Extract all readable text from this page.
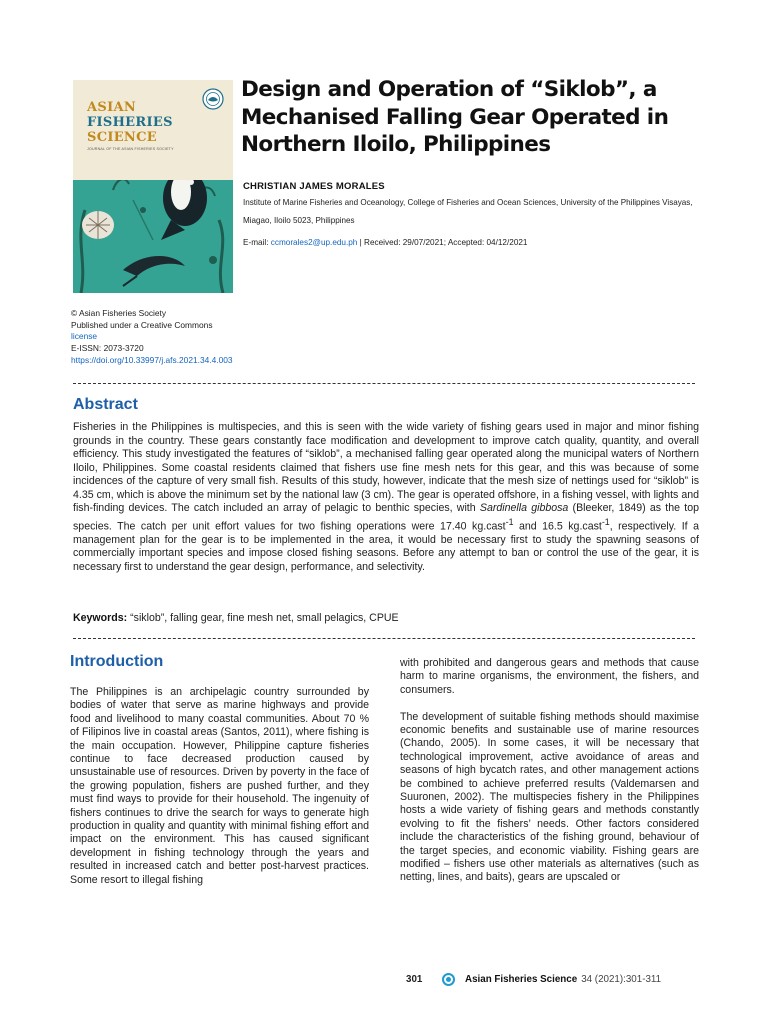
ASIAN
FISHERIES
SCIENCE
JOURNAL OF THE ASIAN FISHERIES SOCIETY
Design and Operation of “Siklob”, a Mechanised Falling Gear Operated in Northern Iloilo, Philippines
CHRISTIAN JAMES MORALES
Institute of Marine Fisheries and Oceanology, College of Fisheries and Ocean Sciences, University of the Philippines Visayas, Miagao, Iloilo 5023, Philippines
E-mail: ccmorales2@up.edu.ph | Received: 29/07/2021; Accepted: 04/12/2021
© Asian Fisheries Society
Published under a Creative Commons
license
E-ISSN: 2073-3720
https://doi.org/10.33997/j.afs.2021.34.4.003
Abstract

Fisheries in the Philippines is multispecies, and this is seen with the wide variety of fishing gears used in major and minor fishing grounds in the country. These gears constantly face modification and development to improve catch quality, quantity, and overall efficiency. This study investigated the features of “siklob”, a mechanised falling gear operated along the municipal waters of Northern Iloilo, Philippines. Some coastal residents claimed that fishers use fine mesh nets for this gear, and this was because of some incidences of the capture of very small fish. Results of this study, however, indicate that the mesh size of nettings used for “siklob” is 4.35 cm, which is above the minimum set by the national law (3 cm). The gear is operated offshore, in a fishing vessel, with lights and fish-finding devices. The catch included an array of pelagic to benthic species, with Sardinella gibbosa (Bleeker, 1849) as the top species. The catch per unit effort values for two fishing operations were 17.40 kg.cast$^{-1}$ and 16.5 kg.cast$^{-1}$, respectively. If a management plan for the gear is to be implemented in the area, it would be necessary first to study the spawning seasons of commercially important species and impose closed fishing seasons. Before any attempt to ban or control the use of the gear, it is necessary first to understand the gear design, performance, and selectivity.

Keywords: “siklob”, falling gear, fine mesh net, small pelagics, CPUE
Introduction

The Philippines is an archipelagic country surrounded by bodies of water that serve as marine highways and provide food and livelihood to many coastal communities. About 70 % of Filipinos live in coastal areas (Santos, 2011), where fishing is the main occupation. However, Philippine capture fisheries continue to face decreased production caused by unsustainable use of resources. Driven by poverty in the face of the growing population, fishers are pushed further, and they must find ways to provide for their household. The ingenuity of fishers continues to drive the search for ways to generate high production in quality and quantity with minimal fishing effort and impact on the environment. This has caused significant development in fishing technology through the years and resulted in increased catch and better post-harvest practices. Some resort to illegal fishing

with prohibited and dangerous gears and methods that cause harm to marine organisms, the environment, the fishers, and consumers.

The development of suitable fishing methods should maximise economic benefits and sustainable use of marine resources (Chando, 2005). In some cases, it will be necessary that technological improvement, active avoidance of areas and seasons of high bycatch rates, and other management actions be combined to achieve preferred results (Valdemarsen and Suuronen, 2002). The multispecies fishery in the Philippines hosts a wide variety of fishing gears and methods constantly evolving to fit the fishers’ needs. Other factors considered include the characteristics of the fishing ground, behaviour of the target species, and economic viability. Fishing gears are modified – fishers use other materials as alternatives (such as netting, lines, and baits), gears are upscaled or

301	Asian Fisheries Science 34 (2021):301-311
